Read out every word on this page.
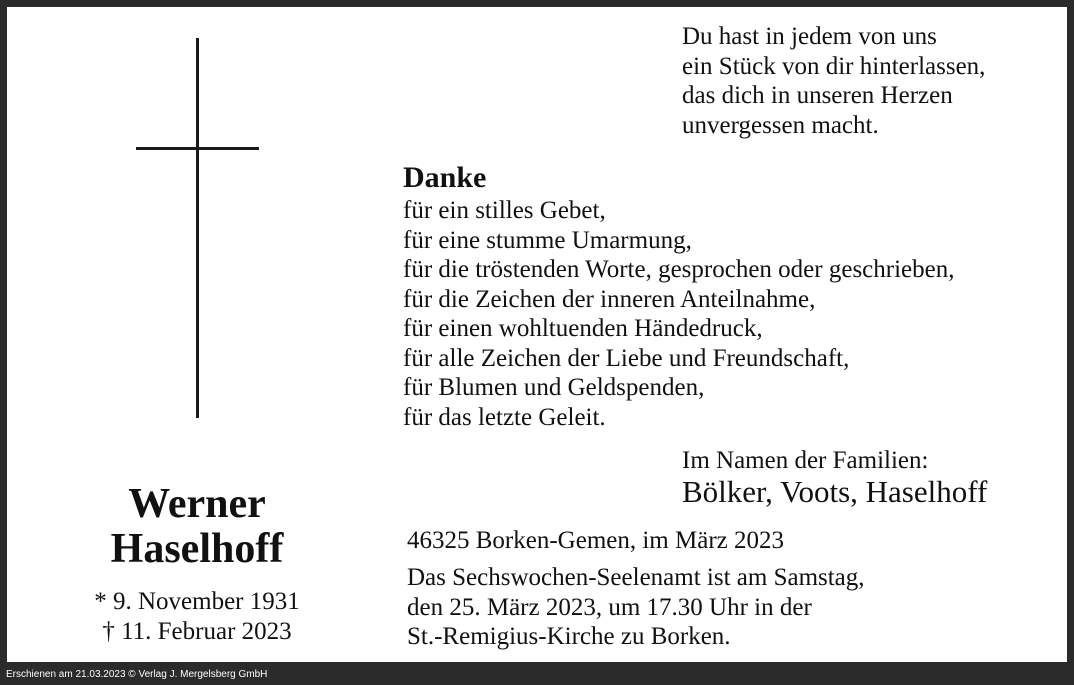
Du hast in jedem von uns
ein Stück von dir hinterlassen,
das dich in unseren Herzen
unvergessen macht.
Danke
für ein stilles Gebet,
für eine stumme Umarmung,
für die tröstenden Worte, gesprochen oder geschrieben,
für die Zeichen der inneren Anteilnahme,
für einen wohltuenden Händedruck,
für alle Zeichen der Liebe und Freundschaft,
für Blumen und Geldspenden,
für das letzte Geleit.
Im Namen der Familien:
Bölker, Voots, Haselhoff
Werner
Haselhoff
* 9. November 1931
† 11. Februar 2023
46325 Borken-Gemen, im März 2023
Das Sechswochen-Seelenamt ist am Samstag,
den 25. März 2023, um 17.30 Uhr in der
St.-Remigius-Kirche zu Borken.
Erschienen am 21.03.2023 © Verlag J. Mergelsberg GmbH
